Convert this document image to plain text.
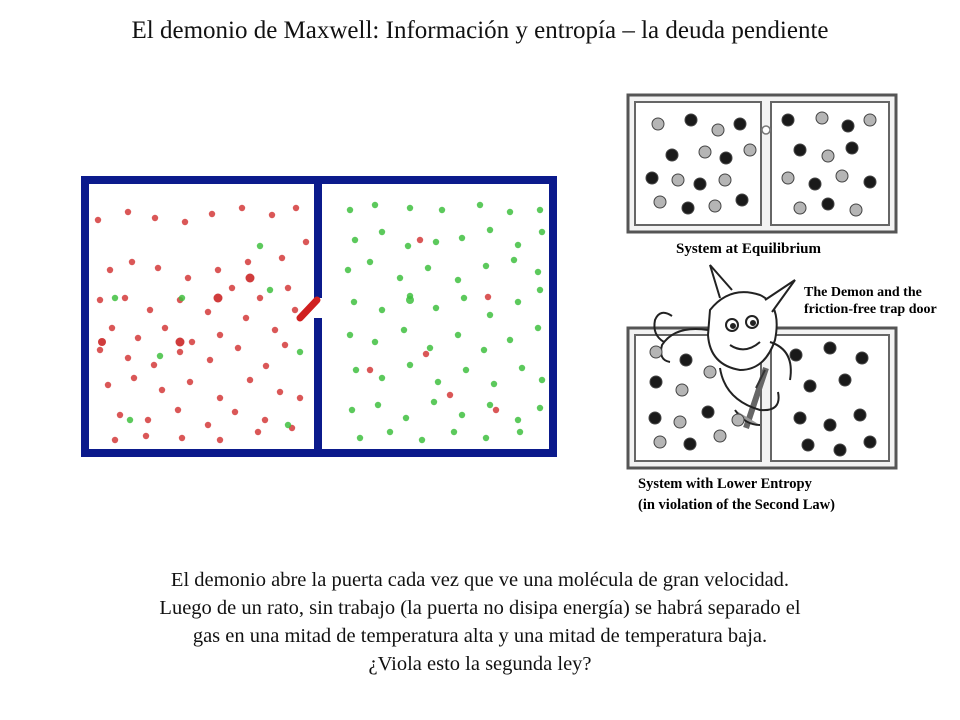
El demonio de Maxwell: Información y entropía – la deuda pendiente
System at Equilibrium
The Demon and the
friction-free trap door
System with Lower Entropy
(in violation of the Second Law)
El demonio abre la puerta cada vez que ve una molécula de gran velocidad.
Luego de un rato, sin trabajo (la puerta no disipa energía) se habrá separado el
gas en una mitad de temperatura alta y una mitad de temperatura baja.
¿Viola esto la segunda ley?
